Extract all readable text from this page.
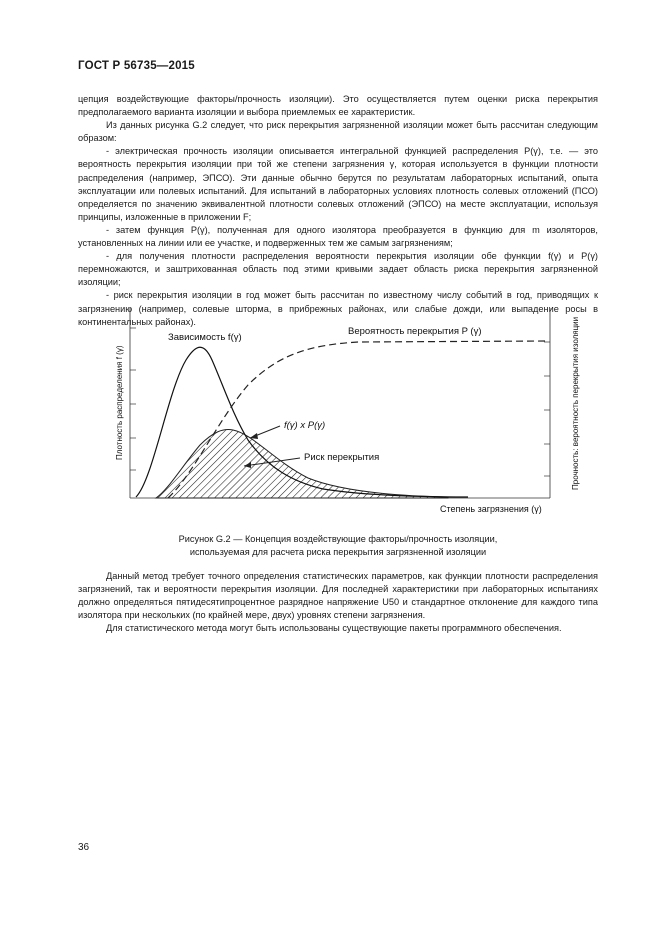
ГОСТ Р 56735—2015

цепция воздействующие факторы/прочность изоляции). Это осуществляется путем оценки риска перекрытия предполагаемого варианта изоляции и выбора приемлемых ее характеристик.

Из данных рисунка G.2 следует, что риск перекрытия загрязненной изоляции может быть рассчитан следующим образом:

- электрическая прочность изоляции описывается интегральной функцией распределения P(γ), т.е. — это вероятность перекрытия изоляции при той же степени загрязнения γ, которая используется в функции плотности распределения (например, ЭПСО). Эти данные обычно берутся по результатам лабораторных испытаний, опыта эксплуатации или полевых испытаний. Для испытаний в лабораторных условиях плотность солевых отложений (ПСО) определяется по значению эквивалентной плотности солевых отложений (ЭПСО) на месте эксплуатации, используя принципы, изложенные в приложении F;

- затем функция P(γ), полученная для одного изолятора преобразуется в функцию для m изоляторов, установленных на линии или ее участке, и подверженных тем же самым загрязнениям;

- для получения плотности распределения вероятности перекрытия изоляции обе функции f(γ) и P(γ) перемножаются, и заштрихованная область под этими кривыми задает область риска перекрытия загрязненной изоляции;

- риск перекрытия изоляции в год может быть рассчитан по известному числу событий в год, приводящих к загрязнению (например, солевые шторма, в прибрежных районах, или слабые дожди, или выпадение росы в континентальных районах).

Зависимость f(γ)
Вероятность перекрытия P (γ)
f(γ) x P(γ)
Риск перекрытия
Степень загрязнения (γ)
Плотность распределения f (γ)	Прочность: вероятность перекрытия изоляции
Рисунок G.2 — Концепция воздействующие факторы/прочность изоляции,
используемая для расчета риска перекрытия загрязненной изоляции

Данный метод требует точного определения статистических параметров, как функции плотности распределения загрязнений, так и вероятности перекрытия изоляции. Для последней характеристики при лабораторных испытаниях должно определяться пятидесятипроцентное разрядное напряжение U50 и стандартное отклонение для каждого типа изолятора при нескольких (по крайней мере, двух) уровнях степени загрязнения.

Для статистического метода могут быть использованы существующие пакеты программного обеспечения.

36
